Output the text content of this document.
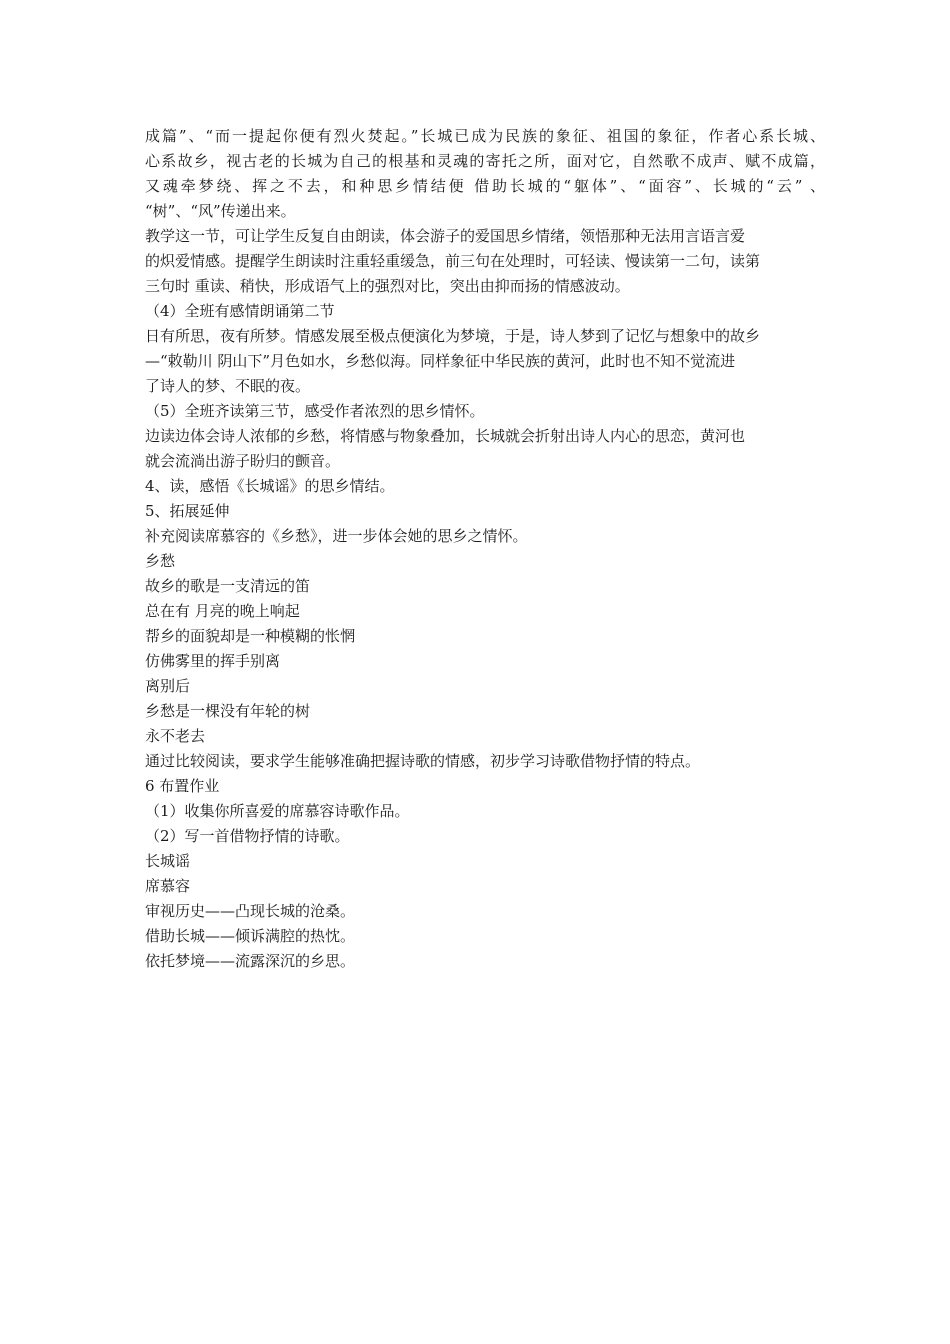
成篇”、“而一提起你便有烈火焚起。”长城已成为民族的象征、祖国的象征，作者心系长城、
心系故乡，视古老的长城为自己的根基和灵魂的寄托之所，面对它，自然歌不成声、赋不成篇，
又魂牵梦绕、挥之不去，和种思乡情结便 借助长城的“躯体”、“面容”、长城的“云” 、
“树”、“风”传递出来。
教学这一节，可让学生反复自由朗读，体会游子的爱国思乡情绪，领悟那种无法用言语言爱
的炽爱情感。提醒学生朗读时注重轻重缓急，前三句在处理时，可轻读、慢读第一二句，读第
三句时 重读、稍快，形成语气上的强烈对比，突出由抑而扬的情感波动。
（4）全班有感情朗诵第二节
日有所思，夜有所梦。情感发展至极点便演化为梦境，于是，诗人梦到了记忆与想象中的故乡
—“敕勒川 阴山下”月色如水，乡愁似海。同样象征中华民族的黄河，此时也不知不觉流进
了诗人的梦、不眠的夜。
（5）全班齐读第三节，感受作者浓烈的思乡情怀。
边读边体会诗人浓郁的乡愁，将情感与物象叠加，长城就会折射出诗人内心的思恋，黄河也
就会流淌出游子盼归的颤音。
4、读，感悟《长城谣》的思乡情结。
5、拓展延伸
补充阅读席慕容的《乡愁》，进一步体会她的思乡之情怀。
乡愁
故乡的歌是一支清远的笛
总在有 月亮的晚上响起
帮乡的面貌却是一种模糊的怅惘
仿佛雾里的挥手别离
离别后
乡愁是一棵没有年轮的树
永不老去
通过比较阅读，要求学生能够准确把握诗歌的情感，初步学习诗歌借物抒情的特点。
6 布置作业
（1）收集你所喜爱的席慕容诗歌作品。
（2）写一首借物抒情的诗歌。
长城谣
席慕容
审视历史——凸现长城的沧桑。
借助长城——倾诉满腔的热忱。
依托梦境——流露深沉的乡思。
